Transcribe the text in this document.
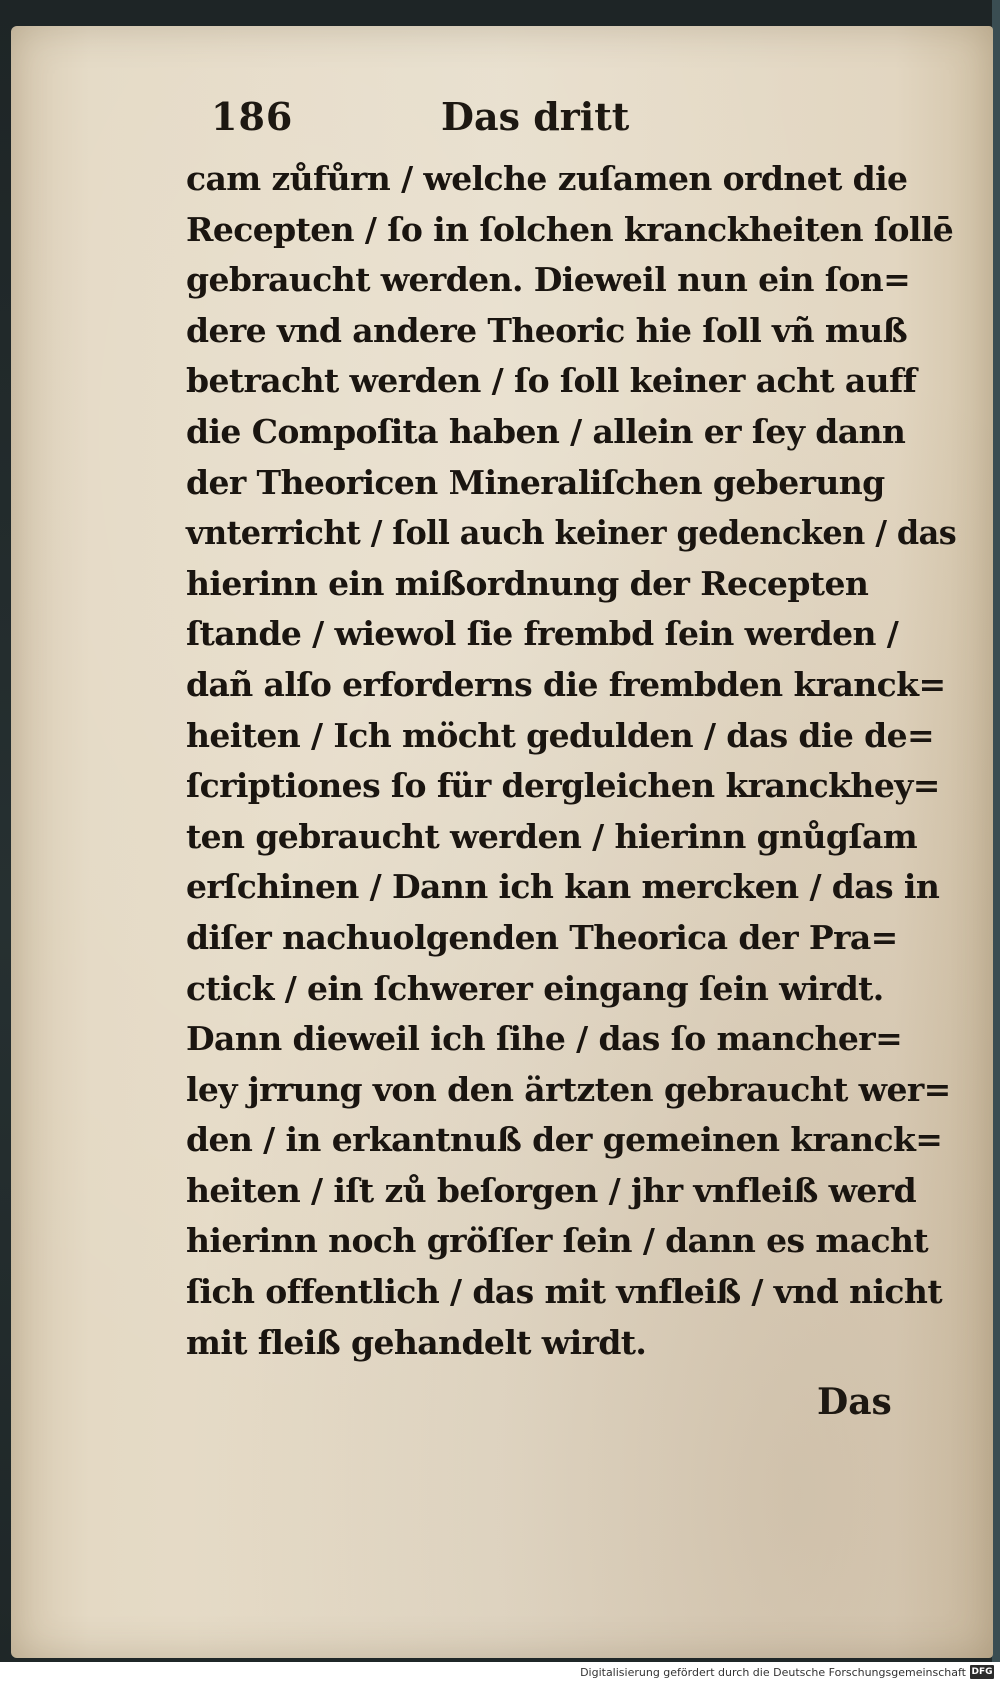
186	Das dritt
cam zůfůrn / welche zuſamen ordnet die
Recepten / ſo in ſolchen kranckheiten ſollē
gebraucht werden. Dieweil nun ein ſon=
dere vnd andere Theoric hie ſoll vñ muß
betracht werden / ſo ſoll keiner acht auff
die Compoſita haben / allein er ſey dann
der Theoricen Mineraliſchen geberung
vnterricht / ſoll auch keiner gedencken / das
hierinn ein mißordnung der Recepten
ſtande / wiewol ſie frembd ſein werden /
dañ alſo erforderns die frembden kranck=
heiten / Ich möcht gedulden / das die de=
ſcriptiones ſo für dergleichen kranckhey=
ten gebraucht werden / hierinn gnůgſam
erſchinen / Dann ich kan mercken / das in
diſer nachuolgenden Theorica der Pra=
ctick / ein ſchwerer eingang ſein wirdt.
Dann dieweil ich ſihe / das ſo mancher=
ley jrrung von den ärtzten gebraucht wer=
den / in erkantnuß der gemeinen kranck=
heiten / iſt zů beſorgen / jhr vnfleiß werd
hierinn noch gröſſer ſein / dann es macht
ſich offentlich / das mit vnfleiß / vnd nicht
mit fleiß gehandelt wirdt.
Das
Digitalisierung gefördert durch die Deutsche Forschungsgemeinschaft DFG
